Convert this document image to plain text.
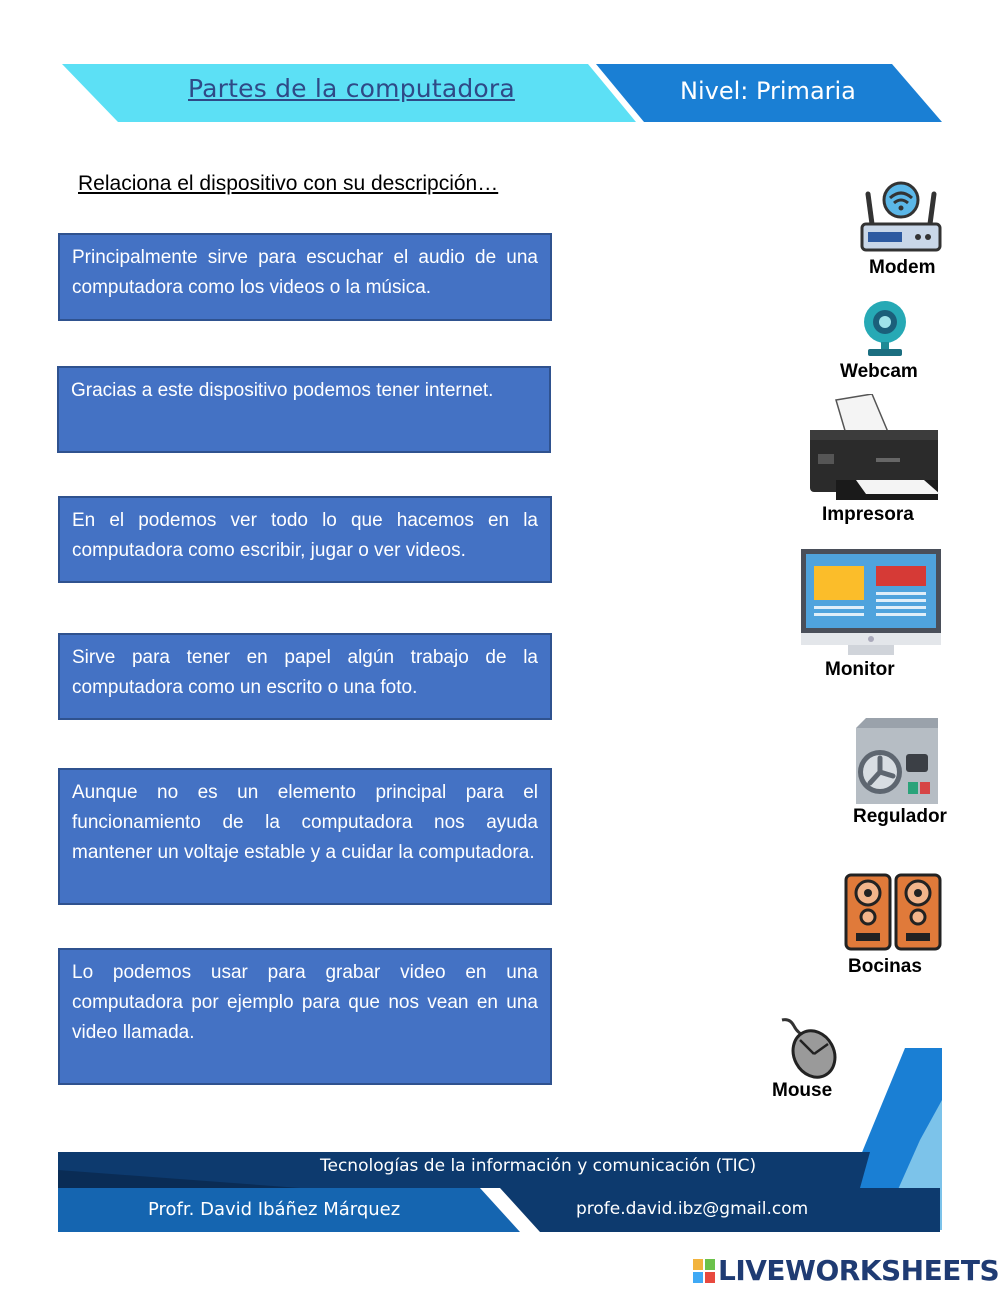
Partes de la computadora	Nivel: Primaria
Relaciona el dispositivo con su descripción…
Principalmente sirve para escuchar el audio de una computadora como los videos o la música.
Gracias a este dispositivo podemos tener internet.
En el podemos ver todo lo que hacemos en la computadora como escribir, jugar o ver videos.
Sirve para tener en papel algún trabajo de la computadora como un escrito o una foto.
Aunque no es un elemento principal para el funcionamiento de la computadora nos ayuda mantener un voltaje estable y a cuidar la computadora.
Lo podemos usar para grabar video en una computadora por ejemplo para que nos vean en una video llamada.
Tecnologías de la información y comunicación (TIC)
Profr. David Ibáñez Márquez	profe.david.ibz@gmail.com
Modem
Webcam
Impresora
Monitor
Regulador
Bocinas
Mouse
LIVEWORKSHEETS
